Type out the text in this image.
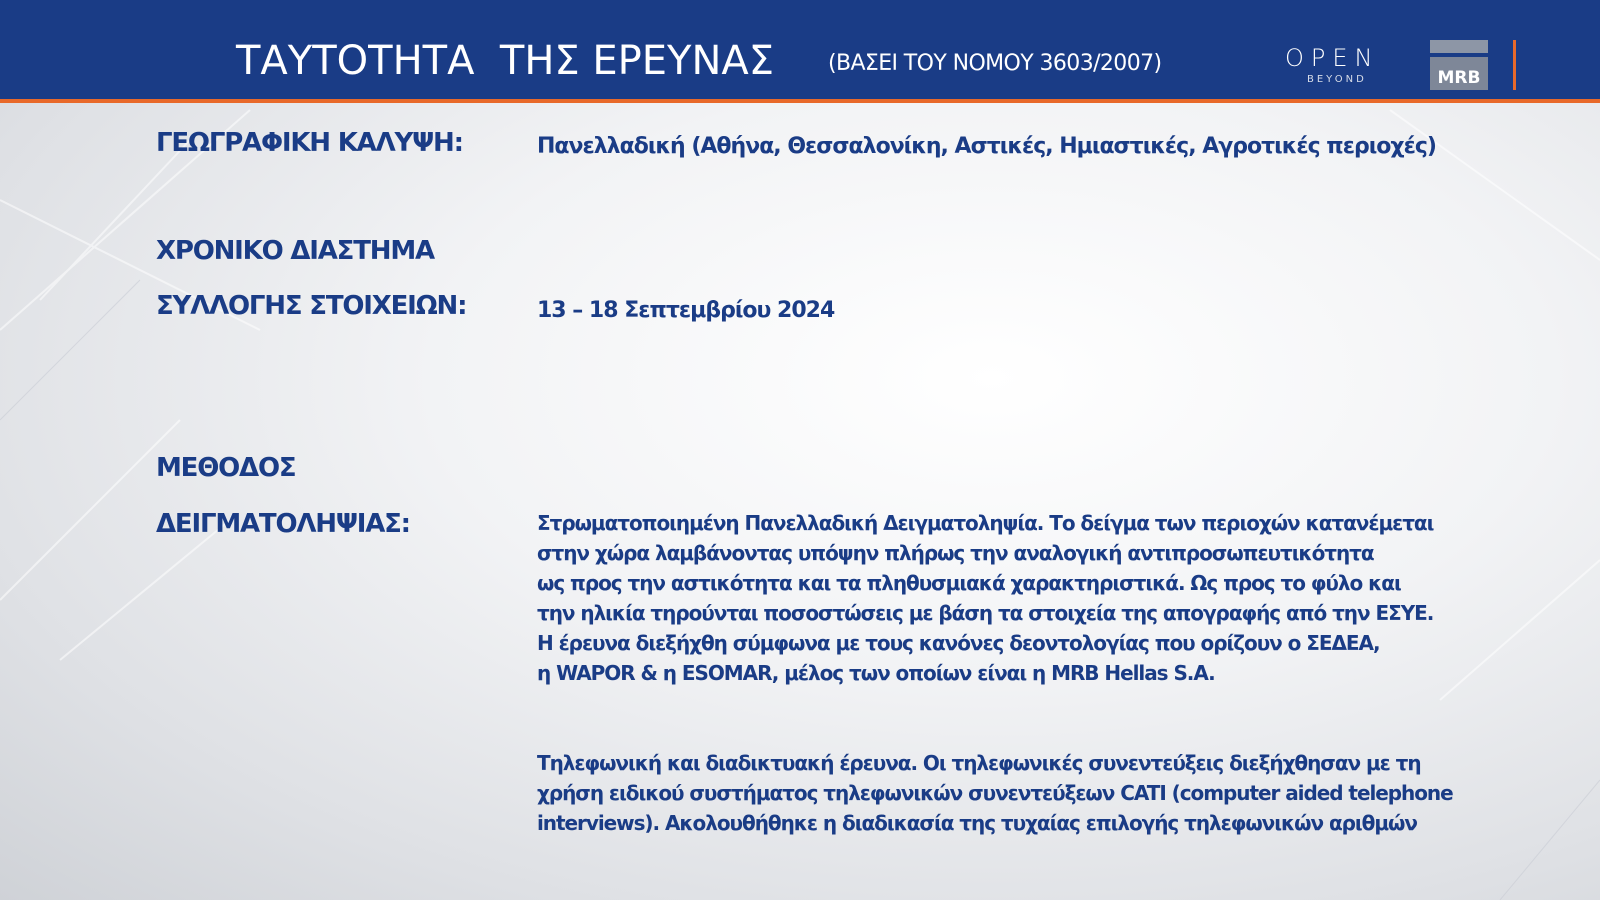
ΤΑΥΤΟΤΗΤΑ  ΤΗΣ ΕΡΕΥΝΑΣ (ΒΑΣΕΙ ΤΟΥ ΝΟΜΟΥ 3603/2007)	OPEN
BEYOND	MRB
ΓΕΩΓΡΑΦΙΚΗ ΚΑΛΥΨΗ:	Πανελλαδική (Αθήνα, Θεσσαλονίκη, Αστικές, Ημιαστικές, Αγροτικές περιοχές)
ΧΡΟΝΙΚΟ ΔΙΑΣΤΗΜΑ
ΣΥΛΛΟΓΗΣ ΣΤΟΙΧΕΙΩΝ:	13 – 18 Σεπτεμβρίου 2024
ΜΕΘΟΔΟΣ
ΔΕΙΓΜΑΤΟΛΗΨΙΑΣ:	Στρωματοποιημένη Πανελλαδική Δειγματοληψία. Το δείγμα των περιοχών κατανέμεται
στην χώρα λαμβάνοντας υπόψην πλήρως την αναλογική αντιπροσωπευτικότητα
ως προς την αστικότητα και τα πληθυσμιακά χαρακτηριστικά. Ως προς το φύλο και
την ηλικία τηρούνται ποσοστώσεις με βάση τα στοιχεία της απογραφής από την ΕΣΥΕ.
Η έρευνα διεξήχθη σύμφωνα με τους κανόνες δεοντολογίας που ορίζουν ο ΣΕΔΕΑ,
η WAPOR & η ESOMAR, μέλος των οποίων είναι η MRB Hellas S.A.
Τηλεφωνική και διαδικτυακή έρευνα. Οι τηλεφωνικές συνεντεύξεις διεξήχθησαν με τη
χρήση ειδικού συστήματος τηλεφωνικών συνεντεύξεων CATI (computer aided telephone
interviews). Ακολουθήθηκε η διαδικασία της τυχαίας επιλογής τηλεφωνικών αριθμών
